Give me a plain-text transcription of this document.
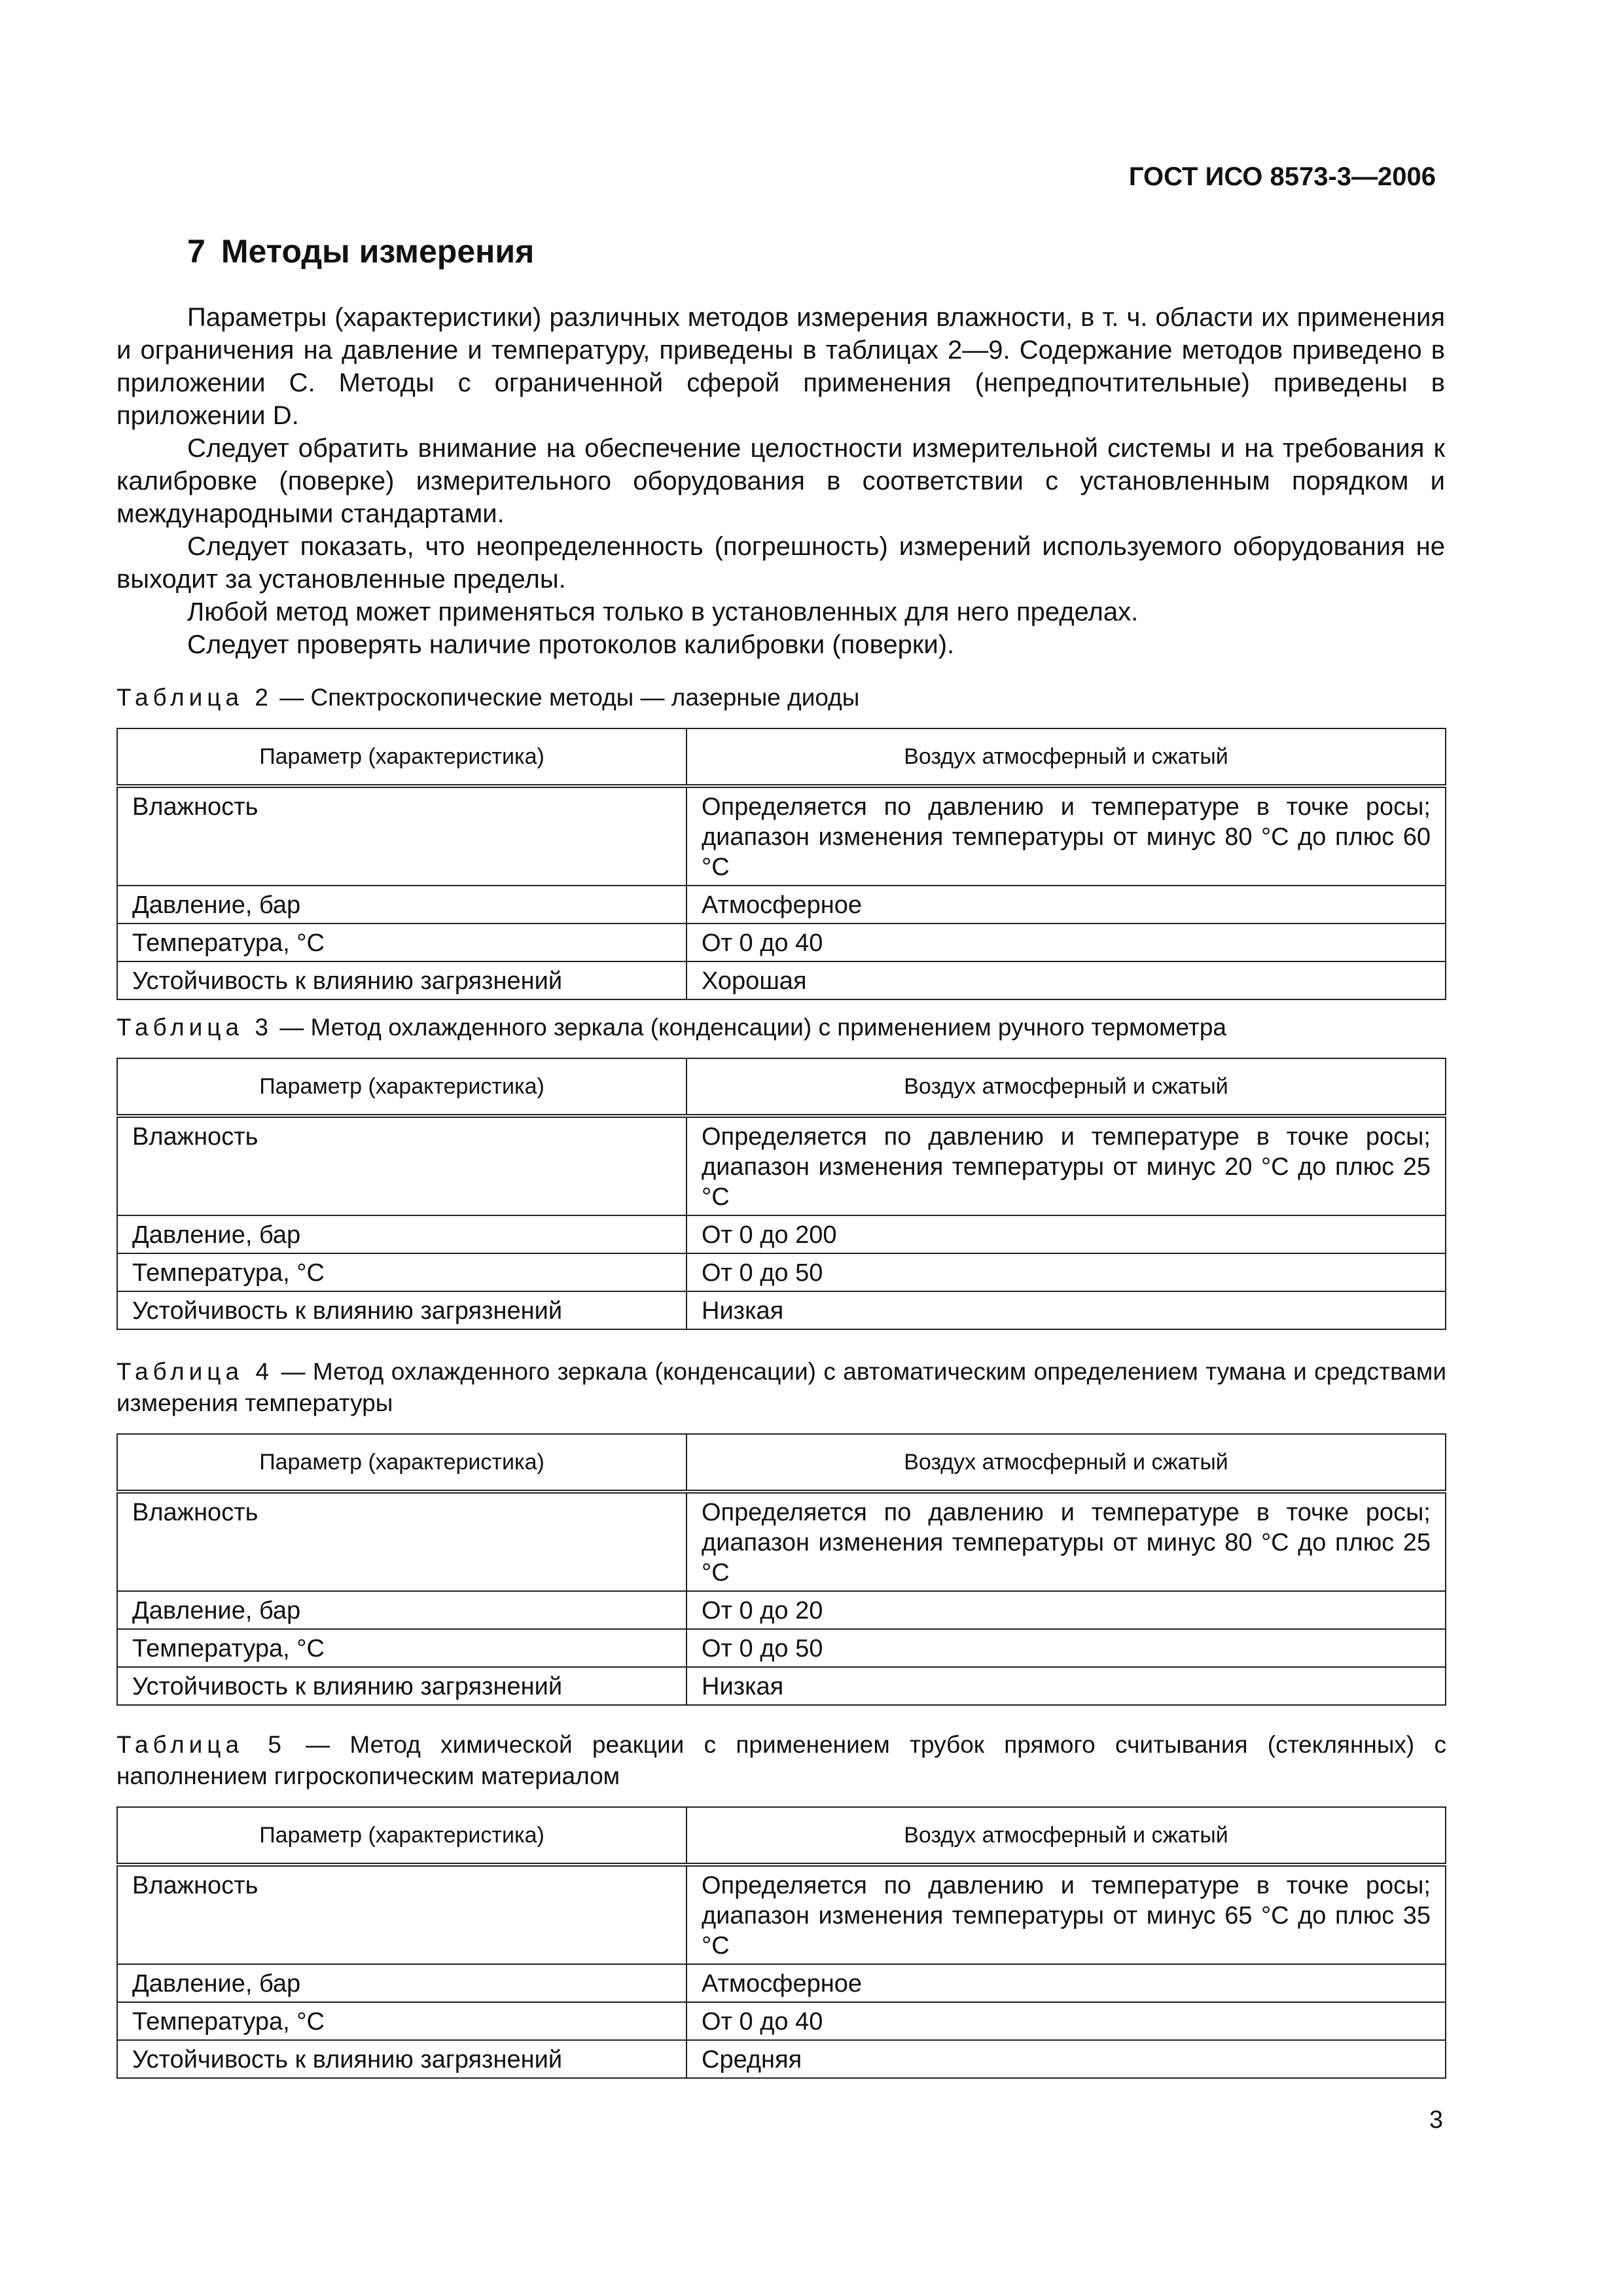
ГОСТ ИСО 8573-3—2006

7 Методы измерения

Параметры (характеристики) различных методов измерения влажности, в т. ч. области их применения и ограничения на давление и температуру, приведены в таблицах 2—9. Содержание методов приведено в приложении С. Методы с ограниченной сферой применения (непредпочтительные) приведены в приложении D.

Следует обратить внимание на обеспечение целостности измерительной системы и на требования к калибровке (поверке) измерительного оборудования в соответствии с установленным порядком и международными стандартами.

Следует показать, что неопределенность (погрешность) измерений используемого оборудования не выходит за установленные пределы.

Любой метод может применяться только в установленных для него пределах.

Следует проверять наличие протоколов калибровки (поверки).

Таблица 2 — Спектроскопические методы — лазерные диоды

Параметр (характеристика)	Воздух атмосферный и сжатый
Влажность	Определяется по давлению и температуре в точке росы; диапазон изменения температуры от минус 80 °С до плюс 60 °С
Давление, бар	Атмосферное
Температура, °С	От 0 до 40
Устойчивость к влиянию загрязнений	Хорошая

Таблица 3 — Метод охлажденного зеркала (конденсации) с применением ручного термометра

Параметр (характеристика)	Воздух атмосферный и сжатый
Влажность	Определяется по давлению и температуре в точке росы; диапазон изменения температуры от минус 20 °С до плюс 25 °С
Давление, бар	От 0 до 200
Температура, °С	От 0 до 50
Устойчивость к влиянию загрязнений	Низкая

Таблица 4 — Метод охлажденного зеркала (конденсации) с автоматическим определением тумана и средствами измерения температуры

Параметр (характеристика)	Воздух атмосферный и сжатый
Влажность	Определяется по давлению и температуре в точке росы; диапазон изменения температуры от минус 80 °С до плюс 25 °С
Давление, бар	От 0 до 20
Температура, °С	От 0 до 50
Устойчивость к влиянию загрязнений	Низкая

Таблица 5 — Метод химической реакции с применением трубок прямого считывания (стеклянных) с наполнением гигроскопическим материалом

Параметр (характеристика)	Воздух атмосферный и сжатый
Влажность	Определяется по давлению и температуре в точке росы; диапазон изменения температуры от минус 65 °С до плюс 35 °С
Давление, бар	Атмосферное
Температура, °С	От 0 до 40
Устойчивость к влиянию загрязнений	Средняя

3
